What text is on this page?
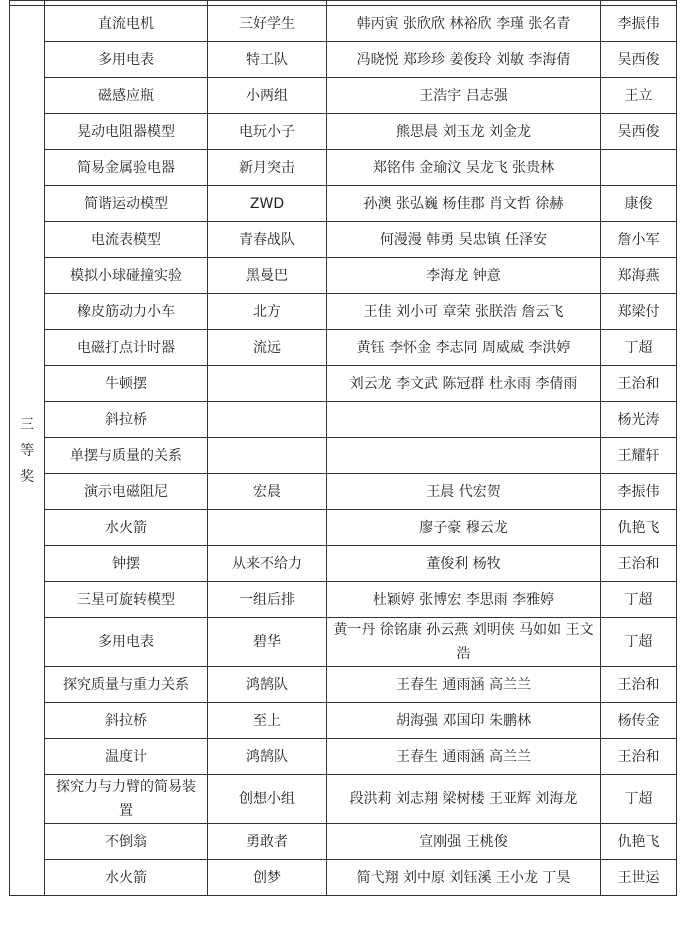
三等奖	直流电机	三好学生	韩丙寅 张欣欣 林裕欣 李瑾 张名青	李振伟
	多用电表	特工队	冯晓悦 郑珍珍 姜俊玲 刘敏 李海倩	吴西俊
	磁感应瓶	小两组	王浩宇 吕志强	王立
	晃动电阻器模型	电玩小子	熊思晨 刘玉龙 刘金龙	吴西俊
	简易金属验电器	新月突击	郑铭伟 金瑜汶 吴龙飞 张贵林	
	简谐运动模型	ZWD	孙澳 张弘巍 杨佳郡 肖文哲 徐赫	康俊
	电流表模型	青春战队	何漫漫 韩勇 吴忠镇 任泽安	詹小军
	模拟小球碰撞实验	黑曼巴	李海龙 钟意	郑海燕
	橡皮筋动力小车	北方	王佳 刘小可 章荣 张朕浩 詹云飞	郑梁付
	电磁打点计时器	流远	黄钰 李怀金 李志同 周威威 李洪婷	丁超
	牛顿摆		刘云龙 李文武 陈冠群 杜永雨 李倩雨	王治和
	斜拉桥			杨光涛
	单摆与质量的关系			王耀轩
	演示电磁阻尼	宏晨	王晨 代宏贺	李振伟
	水火箭		廖子豪 穆云龙	仇艳飞
	钟摆	从来不给力	董俊利 杨牧	王治和
	三星可旋转模型	一组后排	杜颖婷 张博宏 李思雨 李雅婷	丁超
	多用电表	碧华	黄一丹 徐铭康 孙云燕 刘明侠 马如如 王文浩	丁超
	探究质量与重力关系	鸿鹄队	王春生 通雨涵 高兰兰	王治和
	斜拉桥	至上	胡海强 邓国印 朱鹏林	杨传金
	温度计	鸿鹄队	王春生 通雨涵 高兰兰	王治和
	探究力与力臂的简易装置	创想小组	段洪莉 刘志翔 梁树楼 王亚辉 刘海龙	丁超
	不倒翁	勇敢者	宣刚强 王桃俊	仇艳飞
	水火箭	创梦	简弋翔 刘中原 刘钰溪 王小龙 丁昊	王世运
